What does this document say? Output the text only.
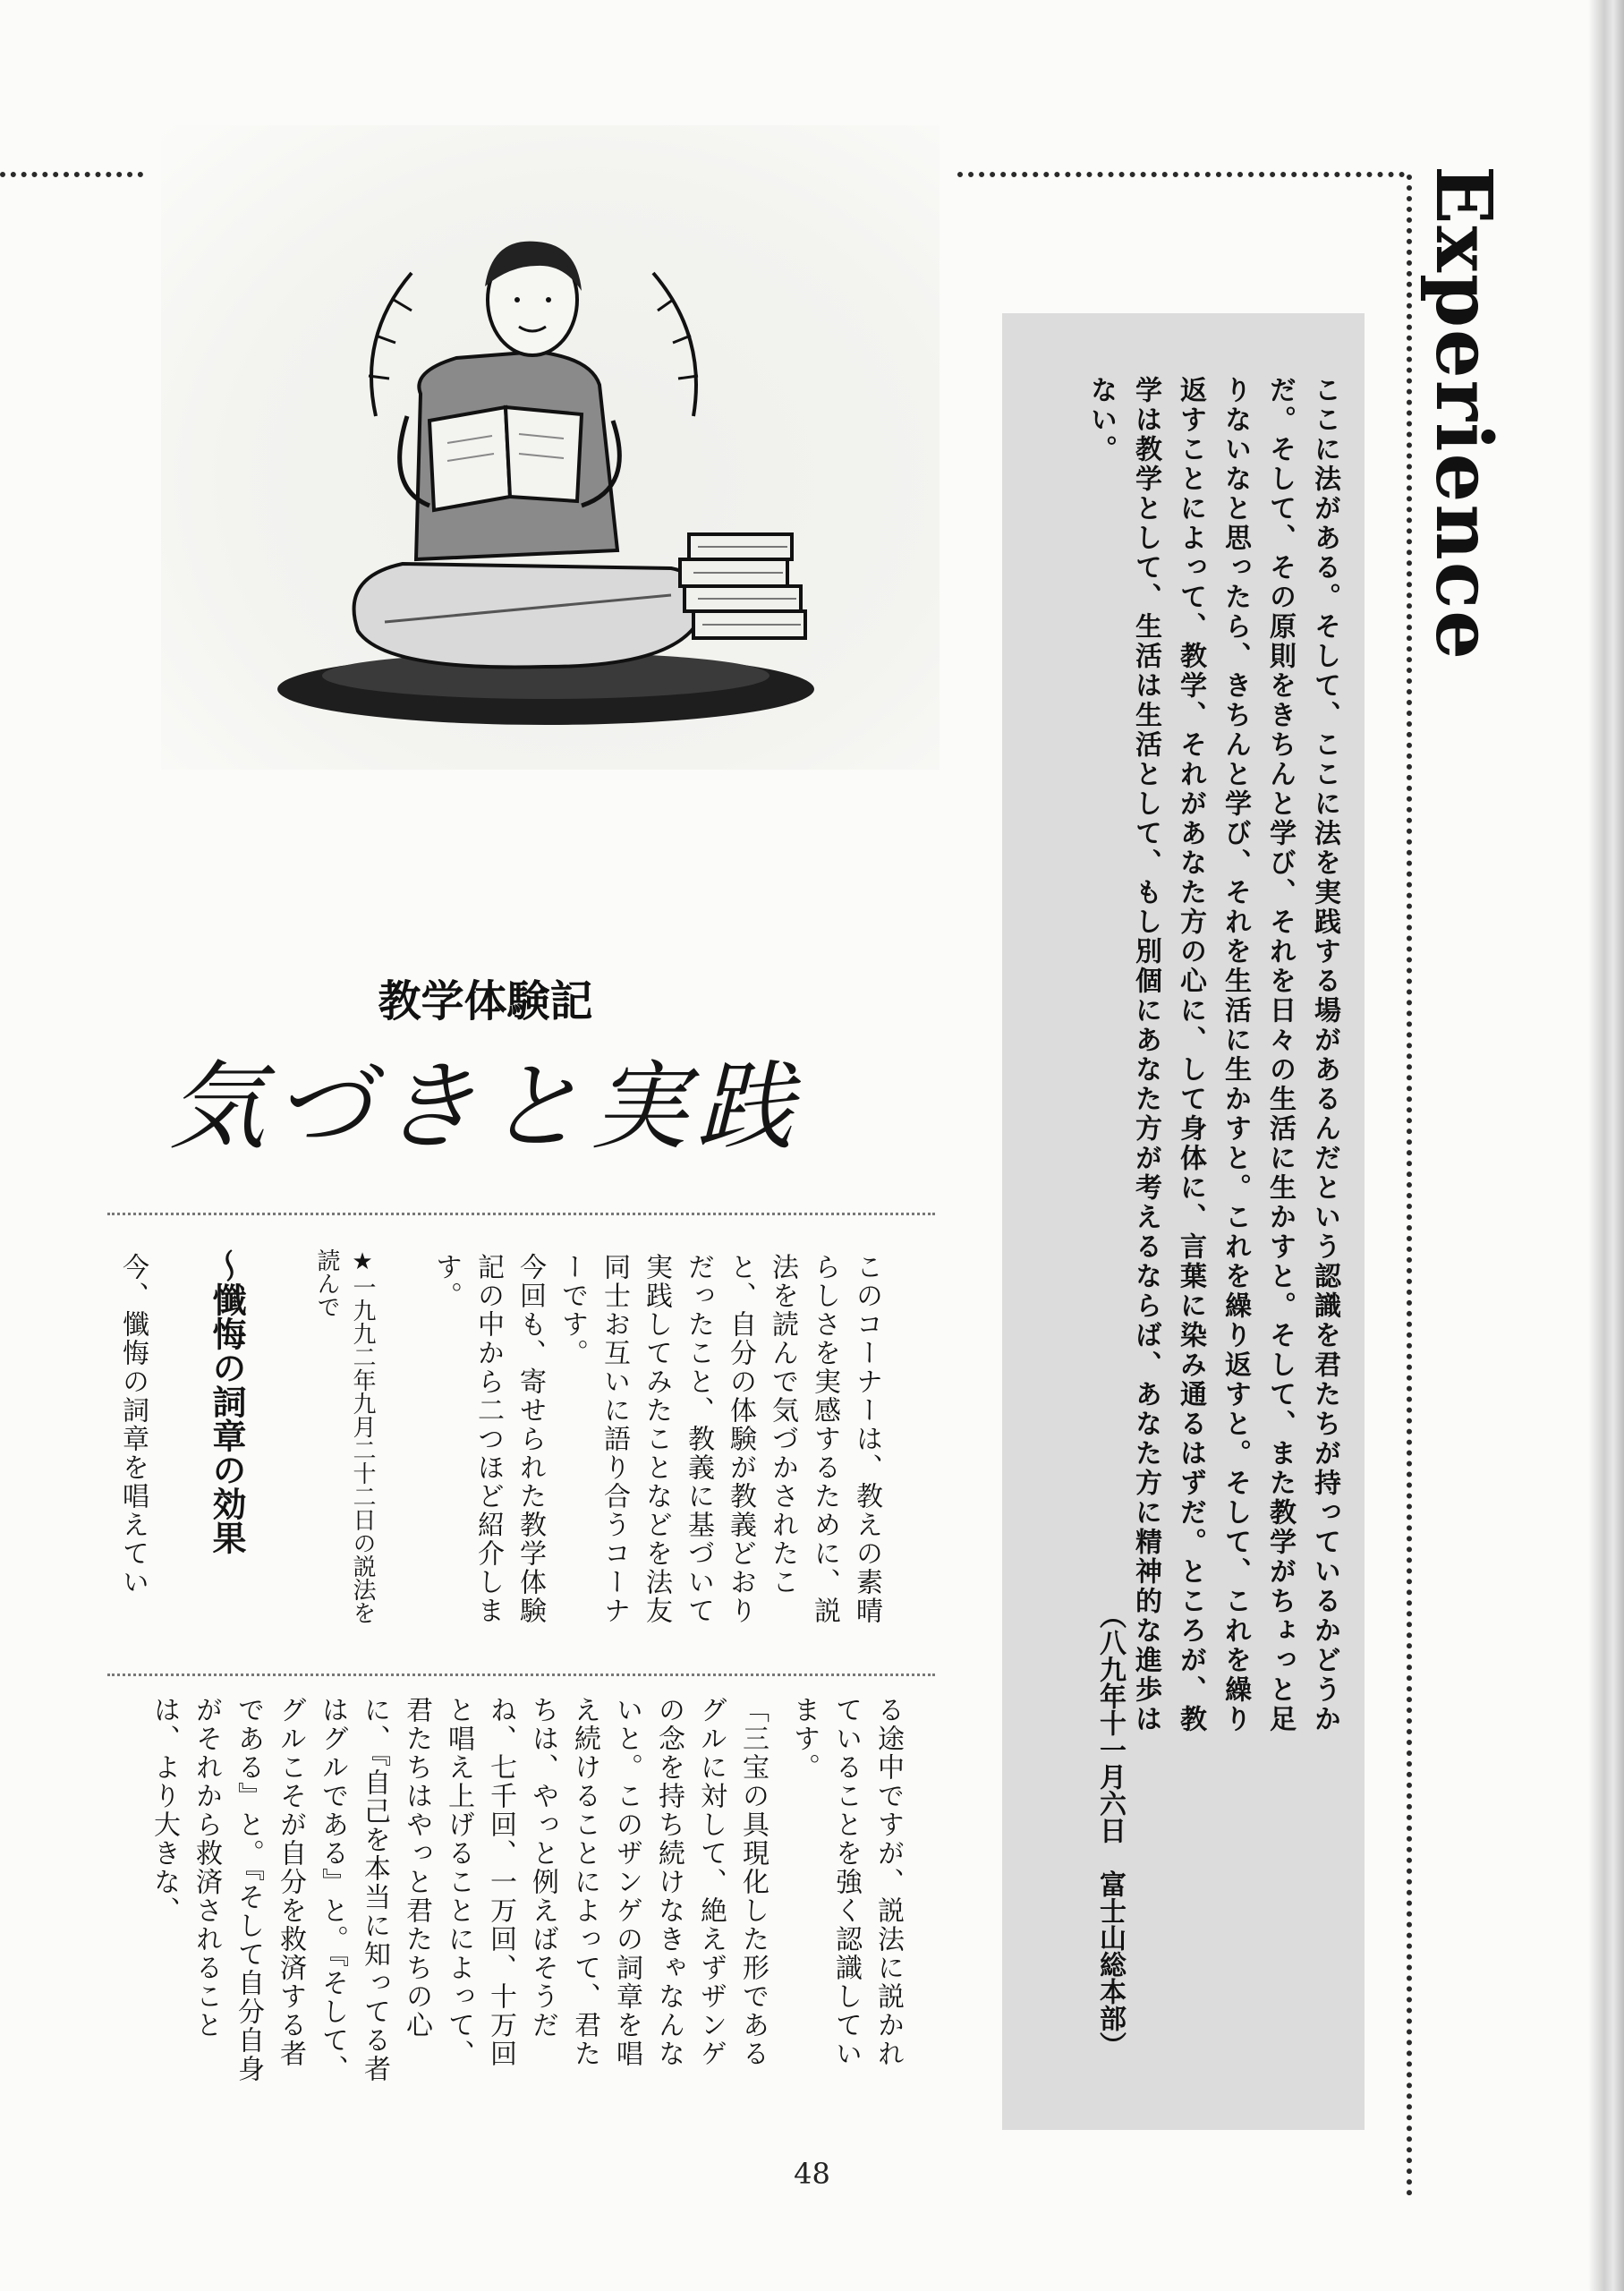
Experience
ここに法がある。そして、ここに法を実践する場があるんだという認識を君たちが持っているかどうかだ。そして、その原則をきちんと学び、それを日々の生活に生かすと。そして、また教学がちょっと足りないなと思ったら、きちんと学び、それを生活に生かすと。これを繰り返すと。そして、これを繰り返すことによって、教学、それがあなた方の心に、して身体に、言葉に染み通るはずだ。ところが、教学は教学として、生活は生活として、もし別個にあなた方が考えるならば、あなた方に精神的な進歩はない。
（八九年十一月六日　富士山総本部）
教学体験記
気づきと実践
このコーナーは、教えの素晴らしさを実感するために、説法を読んで気づかされたこと、自分の体験が教義どおりだったこと、教義に基づいて実践してみたことなどを法友同士お互いに語り合うコーナーです。

今回も、寄せられた教学体験記の中から二つほど紹介します。
★一九九二年九月二十二日の説法を読んで
～懺悔の詞章の効果
今、懺悔の詞章を唱えてい
る途中ですが、説法に説かれていることを強く認識しています。
「三宝の具現化した形であるグルに対して、絶えずザンゲの念を持ち続けなきゃなんないと。このザンゲの詞章を唱え続けることによって、君たちは、やっと例えばそうだね、七千回、一万回、十万回と唱え上げることによって、君たちはやっと君たちの心に、『自己を本当に知ってる者はグルである』と。『そして、グルこそが自分を救済する者である』と。『そして自分自身がそれから救済されることは、より大きな、
48
